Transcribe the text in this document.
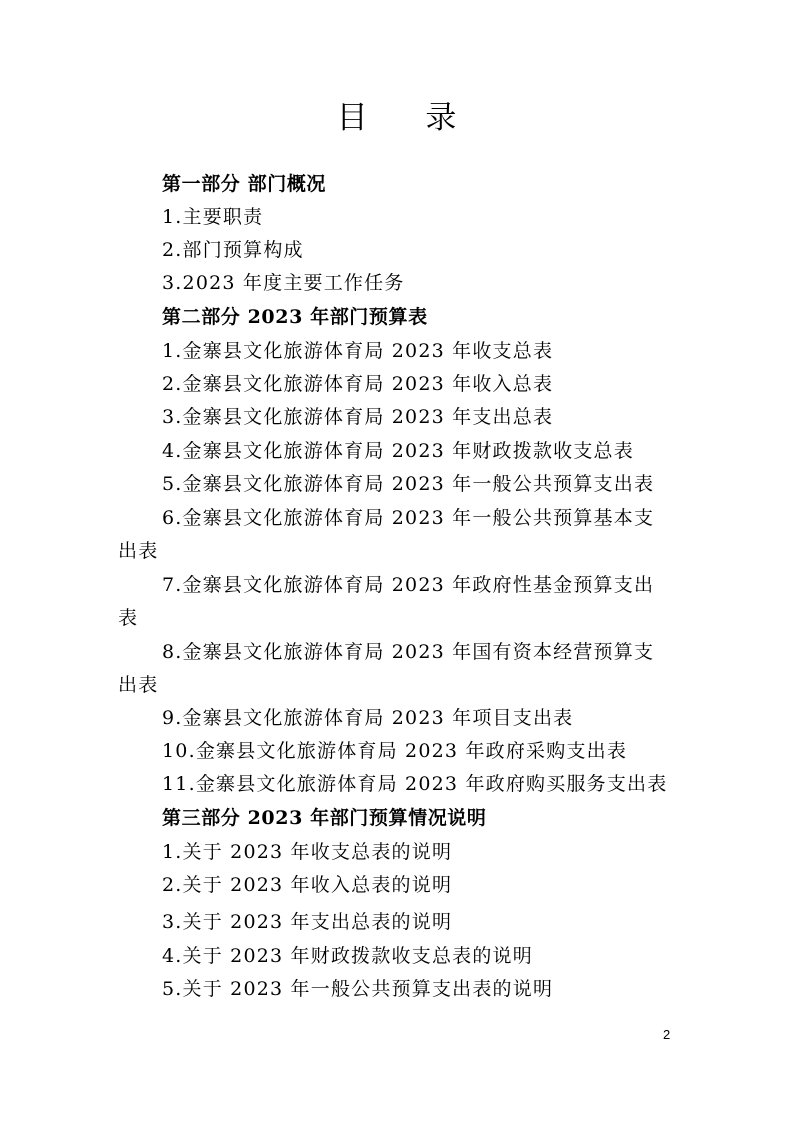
目 录
第一部分 部门概况
1.主要职责
2.部门预算构成
3.2023 年度主要工作任务
第二部分 2023 年部门预算表
1.金寨县文化旅游体育局 2023 年收支总表
2.金寨县文化旅游体育局 2023 年收入总表
3.金寨县文化旅游体育局 2023 年支出总表
4.金寨县文化旅游体育局 2023 年财政拨款收支总表
5.金寨县文化旅游体育局 2023 年一般公共预算支出表
6.金寨县文化旅游体育局 2023 年一般公共预算基本支
出表
7.金寨县文化旅游体育局 2023 年政府性基金预算支出
表
8.金寨县文化旅游体育局 2023 年国有资本经营预算支
出表
9.金寨县文化旅游体育局 2023 年项目支出表
10.金寨县文化旅游体育局 2023 年政府采购支出表
11.金寨县文化旅游体育局 2023 年政府购买服务支出表
第三部分 2023 年部门预算情况说明
1.关于 2023 年收支总表的说明
2.关于 2023 年收入总表的说明
3.关于 2023 年支出总表的说明
4.关于 2023 年财政拨款收支总表的说明
5.关于 2023 年一般公共预算支出表的说明
2
